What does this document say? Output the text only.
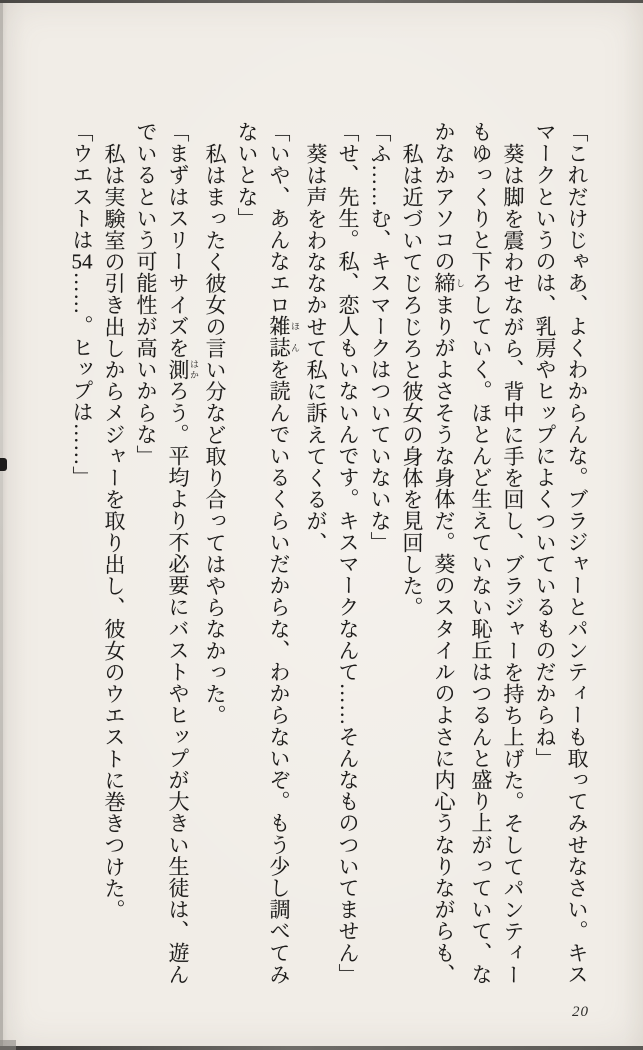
「これだけじゃあ、よくわからんな。ブラジャーとパンティーも取ってみせなさい。キス
マークというのは、乳房やヒップによくついているものだからね」
葵は脚を震わせながら、背中に手を回し、ブラジャーを持ち上げた。そしてパンティー
もゆっくりと下ろしていく。ほとんど生えていない恥丘はつるんと盛り上がっていて、な
かなかアソコの締 しまりがよさそうな身体だ。葵のスタイルのよさに内心うなりながらも、
私は近づいてじろじろと彼女の身体を見回した。
「ふ……む、キスマークはついていないな」
「せ、先生。私、恋人もいないんです。キスマークなんて……そんなものついてません」
葵は声をわななかせて私に訴えてくるが、
「いや、あんなエロ雑誌 ほんを読んでいるくらいだからな、わからないぞ。もう少し調べてみ
ないとな」
私はまったく彼女の言い分など取り合ってはやらなかった。
「まずはスリーサイズを測 はかろう。平均より不必要にバストやヒップが大きい生徒は、遊ん
でいるという可能性が高いからな」
私は実験室の引き出しからメジャーを取り出し、彼女のウエストに巻きつけた。
「ウエストは54……。ヒップは……」
20
